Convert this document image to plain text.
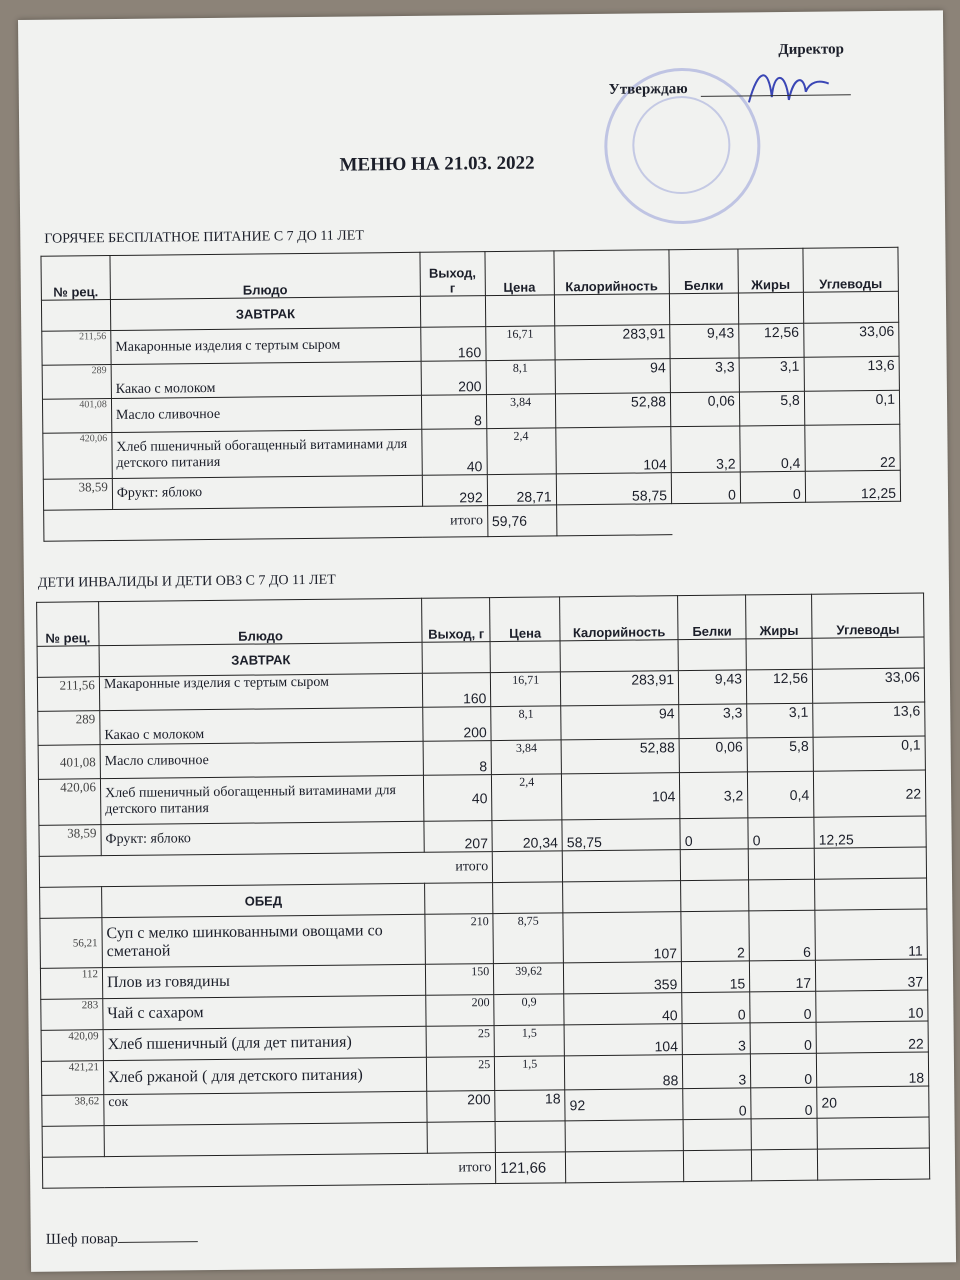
Директор
Утверждаю
МЕНЮ НА 21.03. 2022
ГОРЯЧЕЕ БЕСПЛАТНОЕ ПИТАНИЕ С 7 ДО 11 ЛЕТ
№ рец.	Блюдо	Выход, г	Цена	Калорийность	Белки	Жиры	Углеводы
	ЗАВТРАК						
211,56	Макаронные изделия с тертым сыром	160	16,71	283,91	9,43	12,56	33,06
289	Какао с молоком	200	8,1	94	3,3	3,1	13,6
401,08	Масло сливочное	8	3,84	52,88	0,06	5,8	0,1
420,06	Хлеб пшеничный обогащенный витаминами для детского питания	40	2,4	104	3,2	0,4	22
38,59	Фрукт: яблоко	292	28,71	58,75	0	0	12,25
итого			59,76				
ДЕТИ ИНВАЛИДЫ И ДЕТИ ОВЗ С 7 ДО 11 ЛЕТ
№ рец.	Блюдо	Выход, г	Цена	Калорийность	Белки	Жиры	Углеводы
	ЗАВТРАК						
211,56	Макаронные изделия с тертым сыром	160	16,71	283,91	9,43	12,56	33,06
289	Какао с молоком	200	8,1	94	3,3	3,1	13,6
401,08	Масло сливочное	8	3,84	52,88	0,06	5,8	0,1
420,06	Хлеб пшеничный обогащенный витаминами для детского питания	40	2,4	104	3,2	0,4	22
38,59	Фрукт: яблоко	207	20,34	58,75	0	0	12,25
итого							
	ОБЕД						
56,21	Суп с мелко шинкованными овощами со сметаной	210	8,75	107	2	6	11
112	Плов из говядины	150	39,62	359	15	17	37
283	Чай с сахаром	200	0,9	40	0	0	10
420,09	Хлеб пшеничный (для дет питания)	25	1,5	104	3	0	22
421,21	Хлеб ржаной ( для детского питания)	25	1,5	88	3	0	18
38,62	сок	200	18	92	0	0	20

итого			121,66				
Шеф повар
